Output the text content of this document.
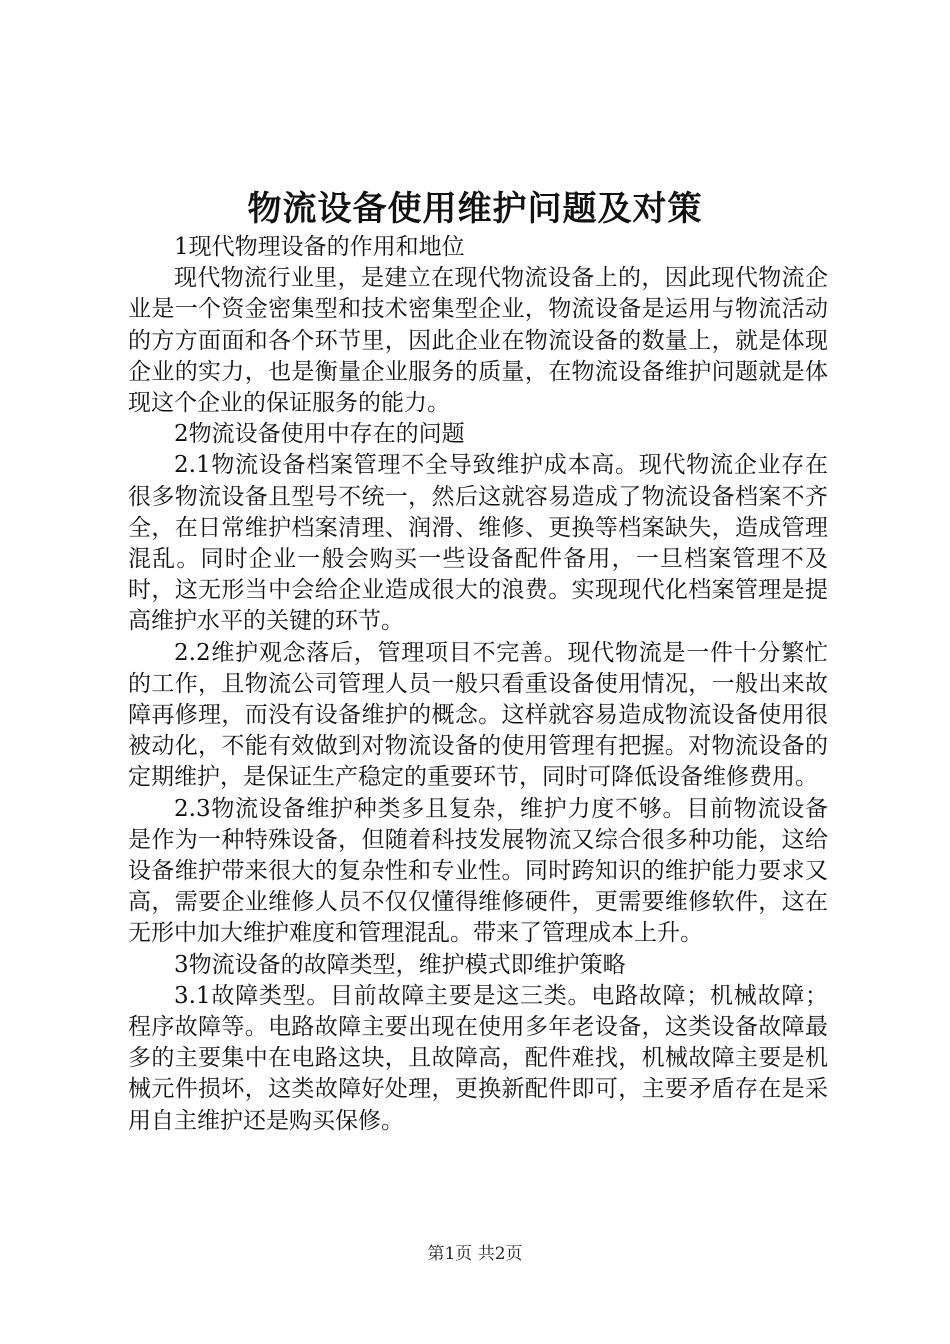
物流设备使用维护问题及对策

1现代物理设备的作用和地位

现代物流行业里，是建立在现代物流设备上的，因此现代物流企业是一个资金密集型和技术密集型企业，物流设备是运用与物流活动的方方面面和各个环节里，因此企业在物流设备的数量上，就是体现企业的实力，也是衡量企业服务的质量，在物流设备维护问题就是体现这个企业的保证服务的能力。

2物流设备使用中存在的问题

2.1物流设备档案管理不全导致维护成本高。现代物流企业存在很多物流设备且型号不统一，然后这就容易造成了物流设备档案不齐全，在日常维护档案清理、润滑、维修、更换等档案缺失，造成管理混乱。同时企业一般会购买一些设备配件备用，一旦档案管理不及时，这无形当中会给企业造成很大的浪费。实现现代化档案管理是提高维护水平的关键的环节。

2.2维护观念落后，管理项目不完善。现代物流是一件十分繁忙的工作，且物流公司管理人员一般只看重设备使用情况，一般出来故障再修理，而没有设备维护的概念。这样就容易造成物流设备使用很被动化，不能有效做到对物流设备的使用管理有把握。对物流设备的定期维护，是保证生产稳定的重要环节，同时可降低设备维修费用。

2.3物流设备维护种类多且复杂，维护力度不够。目前物流设备是作为一种特殊设备，但随着科技发展物流又综合很多种功能，这给设备维护带来很大的复杂性和专业性。同时跨知识的维护能力要求又高，需要企业维修人员不仅仅懂得维修硬件，更需要维修软件，这在无形中加大维护难度和管理混乱。带来了管理成本上升。

3物流设备的故障类型，维护模式即维护策略

3.1故障类型。目前故障主要是这三类。电路故障；机械故障；程序故障等。电路故障主要出现在使用多年老设备，这类设备故障最多的主要集中在电路这块，且故障高，配件难找，机械故障主要是机械元件损坏，这类故障好处理，更换新配件即可，主要矛盾存在是采用自主维护还是购买保修。

第1页 共2页
